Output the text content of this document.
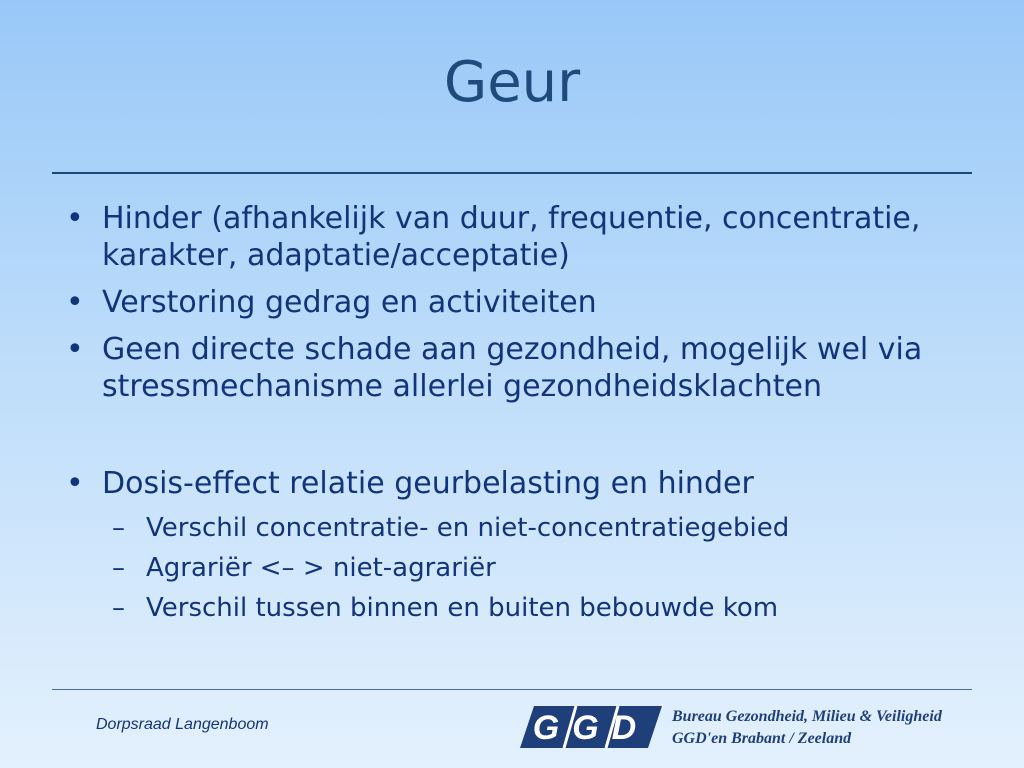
Geur
• Hinder (afhankelijk van duur, frequentie, concentratie, karakter, adaptatie/acceptatie)
• Verstoring gedrag en activiteiten
• Geen directe schade aan gezondheid, mogelijk wel via stressmechanisme allerlei gezondheidsklachten
• Dosis-effect relatie geurbelasting en hinder
– Verschil concentratie- en niet-concentratiegebied
– Agrariër <– > niet-agrariër
– Verschil tussen binnen en buiten bebouwde kom
Dorpsraad Langenboom	GGD Bureau Gezondheid, Milieu & Veiligheid
GGD'en Brabant / Zeeland
